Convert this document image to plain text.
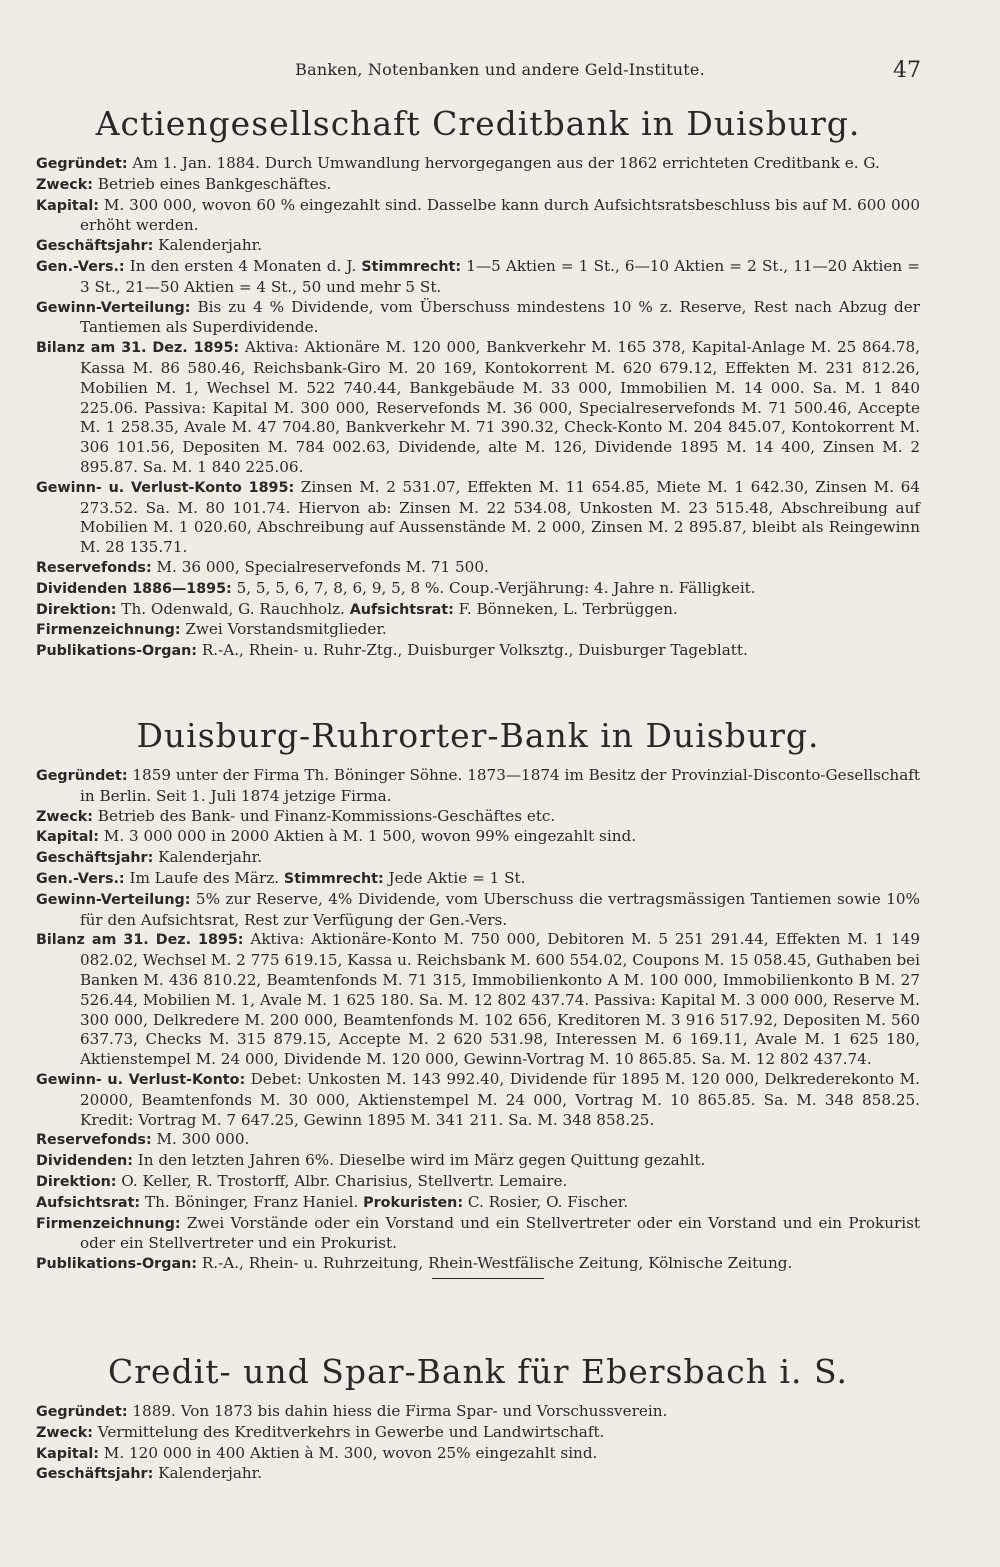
Banken, Notenbanken und andere Geld-Institute.	47
Actiengesellschaft Creditbank in Duisburg.

Gegründet: Am 1. Jan. 1884. Durch Umwandlung hervorgegangen aus der 1862 errichteten Creditbank e. G.

Zweck: Betrieb eines Bankgeschäftes.

Kapital: M. 300 000, wovon 60 % eingezahlt sind. Dasselbe kann durch Aufsichtsratsbeschluss bis auf M. 600 000 erhöht werden.

Geschäftsjahr: Kalenderjahr.

Gen.-Vers.: In den ersten 4 Monaten d. J. Stimmrecht: 1—5 Aktien = 1 St., 6—10 Aktien = 2 St., 11—20 Aktien = 3 St., 21—50 Aktien = 4 St., 50 und mehr 5 St.

Gewinn-Verteilung: Bis zu 4 % Dividende, vom Überschuss mindestens 10 % z. Reserve, Rest nach Abzug der Tantiemen als Superdividende.

Bilanz am 31. Dez. 1895: Aktiva: Aktionäre M. 120 000, Bankverkehr M. 165 378, Kapital-Anlage M. 25 864.78, Kassa M. 86 580.46, Reichsbank-Giro M. 20 169, Kontokorrent M. 620 679.12, Effekten M. 231 812.26, Mobilien M. 1, Wechsel M. 522 740.44, Bankgebäude M. 33 000, Immobilien M. 14 000. Sa. M. 1 840 225.06. Passiva: Kapital M. 300 000, Reservefonds M. 36 000, Specialreservefonds M. 71 500.46, Accepte M. 1 258.35, Avale M. 47 704.80, Bankverkehr M. 71 390.32, Check-Konto M. 204 845.07, Kontokorrent M. 306 101.56, Depositen M. 784 002.63, Dividende, alte M. 126, Dividende 1895 M. 14 400, Zinsen M. 2 895.87. Sa. M. 1 840 225.06.

Gewinn- u. Verlust-Konto 1895: Zinsen M. 2 531.07, Effekten M. 11 654.85, Miete M. 1 642.30, Zinsen M. 64 273.52. Sa. M. 80 101.74. Hiervon ab: Zinsen M. 22 534.08, Unkosten M. 23 515.48, Abschreibung auf Mobilien M. 1 020.60, Abschreibung auf Aussenstände M. 2 000, Zinsen M. 2 895.87, bleibt als Reingewinn M. 28 135.71.

Reservefonds: M. 36 000, Specialreservefonds M. 71 500.

Dividenden 1886—1895: 5, 5, 5, 6, 7, 8, 6, 9, 5, 8 %. Coup.-Verjährung: 4. Jahre n. Fälligkeit.

Direktion: Th. Odenwald, G. Rauchholz. Aufsichtsrat: F. Bönneken, L. Terbrüggen.

Firmenzeichnung: Zwei Vorstandsmitglieder.

Publikations-Organ: R.-A., Rhein- u. Ruhr-Ztg., Duisburger Volksztg., Duisburger Tageblatt.

Duisburg-Ruhrorter-Bank in Duisburg.

Gegründet: 1859 unter der Firma Th. Böninger Söhne. 1873—1874 im Besitz der Provinzial-Disconto-Gesellschaft in Berlin. Seit 1. Juli 1874 jetzige Firma.

Zweck: Betrieb des Bank- und Finanz-Kommissions-Geschäftes etc.

Kapital: M. 3 000 000 in 2000 Aktien à M. 1 500, wovon 99% eingezahlt sind.

Geschäftsjahr: Kalenderjahr.

Gen.-Vers.: Im Laufe des März. Stimmrecht: Jede Aktie = 1 St.

Gewinn-Verteilung: 5% zur Reserve, 4% Dividende, vom Uberschuss die vertragsmässigen Tantiemen sowie 10% für den Aufsichtsrat, Rest zur Verfügung der Gen.-Vers.

Bilanz am 31. Dez. 1895: Aktiva: Aktionäre-Konto M. 750 000, Debitoren M. 5 251 291.44, Effekten M. 1 149 082.02, Wechsel M. 2 775 619.15, Kassa u. Reichsbank M. 600 554.02, Coupons M. 15 058.45, Guthaben bei Banken M. 436 810.22, Beamtenfonds M. 71 315, Immobilienkonto A M. 100 000, Immobilienkonto B M. 27 526.44, Mobilien M. 1, Avale M. 1 625 180. Sa. M. 12 802 437.74. Passiva: Kapital M. 3 000 000, Reserve M. 300 000, Delkredere M. 200 000, Beamtenfonds M. 102 656, Kreditoren M. 3 916 517.92, Depositen M. 560 637.73, Checks M. 315 879.15, Accepte M. 2 620 531.98, Interessen M. 6 169.11, Avale M. 1 625 180, Aktienstempel M. 24 000, Dividende M. 120 000, Gewinn-Vortrag M. 10 865.85. Sa. M. 12 802 437.74.

Gewinn- u. Verlust-Konto: Debet: Unkosten M. 143 992.40, Dividende für 1895 M. 120 000, Delkrederekonto M. 20000, Beamtenfonds M. 30 000, Aktienstempel M. 24 000, Vortrag M. 10 865.85. Sa. M. 348 858.25. Kredit: Vortrag M. 7 647.25, Gewinn 1895 M. 341 211. Sa. M. 348 858.25.

Reservefonds: M. 300 000.

Dividenden: In den letzten Jahren 6%. Dieselbe wird im März gegen Quittung gezahlt.

Direktion: O. Keller, R. Trostorff, Albr. Charisius, Stellvertr. Lemaire.

Aufsichtsrat: Th. Böninger, Franz Haniel. Prokuristen: C. Rosier, O. Fischer.

Firmenzeichnung: Zwei Vorstände oder ein Vorstand und ein Stellvertreter oder ein Vorstand und ein Prokurist oder ein Stellvertreter und ein Prokurist.

Publikations-Organ: R.-A., Rhein- u. Ruhrzeitung, Rhein-Westfälische Zeitung, Kölnische Zeitung.

Credit- und Spar-Bank für Ebersbach i. S.

Gegründet: 1889. Von 1873 bis dahin hiess die Firma Spar- und Vorschussverein.

Zweck: Vermittelung des Kreditverkehrs in Gewerbe und Landwirtschaft.

Kapital: M. 120 000 in 400 Aktien à M. 300, wovon 25% eingezahlt sind.

Geschäftsjahr: Kalenderjahr.
